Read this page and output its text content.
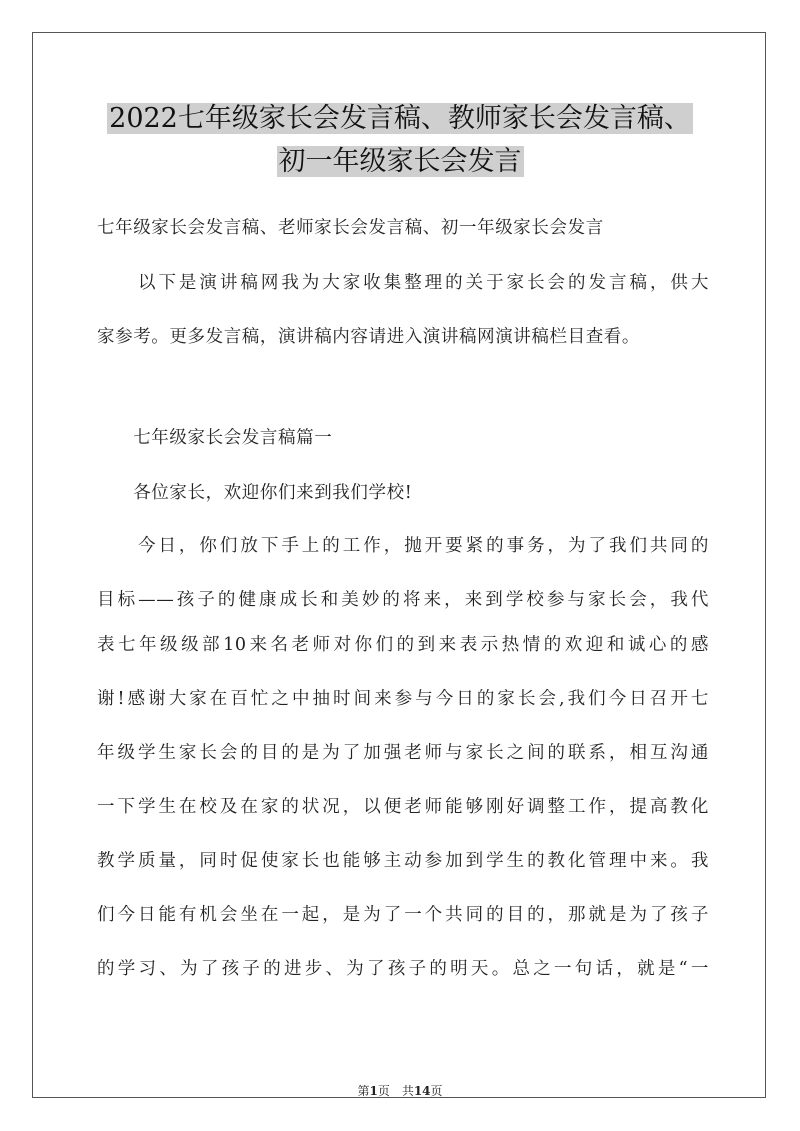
2022七年级家长会发言稿、教师家长会发言稿、
初一年级家长会发言
七年级家长会发言稿、老师家长会发言稿、初一年级家长会发言
　　以下是演讲稿网我为大家收集整理的关于家长会的发言稿，供大
家参考。更多发言稿，演讲稿内容请进入演讲稿网演讲稿栏目查看。
　　七年级家长会发言稿篇一
　　各位家长，欢迎你们来到我们学校!
　　今日，你们放下手上的工作，抛开要紧的事务，为了我们共同的
目标——孩子的健康成长和美妙的将来，来到学校参与家长会，我代
表七年级级部10来名老师对你们的到来表示热情的欢迎和诚心的感
谢!感谢大家在百忙之中抽时间来参与今日的家长会,我们今日召开七
年级学生家长会的目的是为了加强老师与家长之间的联系，相互沟通
一下学生在校及在家的状况，以便老师能够刚好调整工作，提高教化
教学质量，同时促使家长也能够主动参加到学生的教化管理中来。我
们今日能有机会坐在一起，是为了一个共同的目的，那就是为了孩子
的学习、为了孩子的进步、为了孩子的明天。总之一句话，就是“一
第1页　共14页
